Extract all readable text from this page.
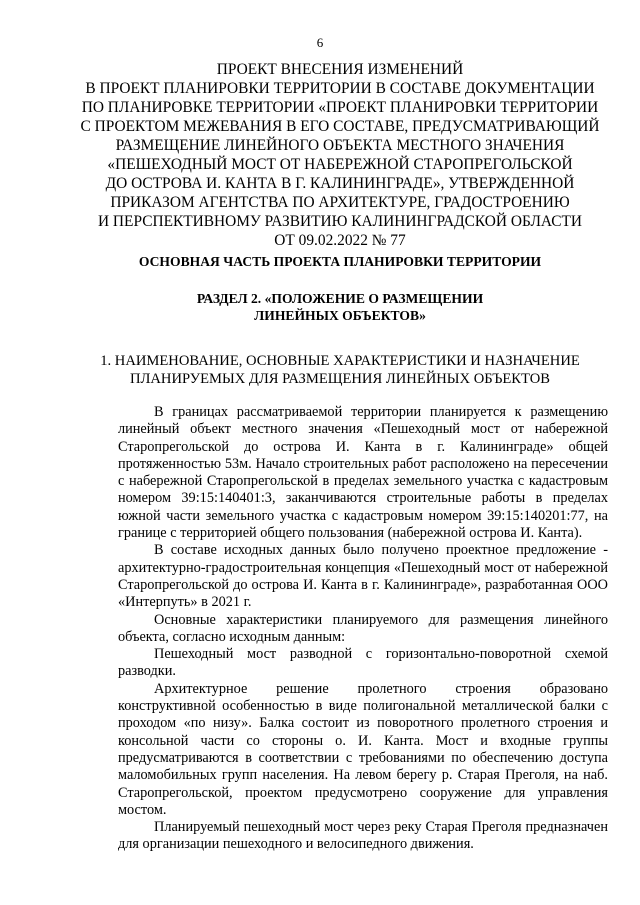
6
ПРОЕКТ ВНЕСЕНИЯ ИЗМЕНЕНИЙ
В ПРОЕКТ ПЛАНИРОВКИ ТЕРРИТОРИИ В СОСТАВЕ ДОКУМЕНТАЦИИ
ПО ПЛАНИРОВКЕ ТЕРРИТОРИИ «ПРОЕКТ ПЛАНИРОВКИ ТЕРРИТОРИИ
С ПРОЕКТОМ МЕЖЕВАНИЯ В ЕГО СОСТАВЕ, ПРЕДУСМАТРИВАЮЩИЙ
РАЗМЕЩЕНИЕ ЛИНЕЙНОГО ОБЪЕКТА МЕСТНОГО ЗНАЧЕНИЯ
«ПЕШЕХОДНЫЙ МОСТ ОТ НАБЕРЕЖНОЙ СТАРОПРЕГОЛЬСКОЙ
ДО ОСТРОВА И. КАНТА В Г. КАЛИНИНГРАДЕ», УТВЕРЖДЕННОЙ
ПРИКАЗОМ АГЕНТСТВА ПО АРХИТЕКТУРЕ, ГРАДОСТРОЕНИЮ
И ПЕРСПЕКТИВНОМУ РАЗВИТИЮ КАЛИНИНГРАДСКОЙ ОБЛАСТИ
ОТ 09.02.2022 № 77
ОСНОВНАЯ ЧАСТЬ ПРОЕКТА ПЛАНИРОВКИ ТЕРРИТОРИИ
РАЗДЕЛ 2. «ПОЛОЖЕНИЕ О РАЗМЕЩЕНИИ
ЛИНЕЙНЫХ ОБЪЕКТОВ»
1. НАИМЕНОВАНИЕ, ОСНОВНЫЕ ХАРАКТЕРИСТИКИ И НАЗНАЧЕНИЕ
ПЛАНИРУЕМЫХ ДЛЯ РАЗМЕЩЕНИЯ ЛИНЕЙНЫХ ОБЪЕКТОВ

В границах рассматриваемой территории планируется к размещению линейный объект местного значения «Пешеходный мост от набережной Старопрегольской до острова И. Канта в г. Калининграде» общей протяженностью 53м. Начало строительных работ расположено на пересечении с набережной Старопрегольской в пределах земельного участка с кадастровым номером 39:15:140401:3, заканчиваются строительные работы в пределах южной части земельного участка с кадастровым номером 39:15:140201:77, на границе с территорией общего пользования (набережной острова И. Канта).

В составе исходных данных было получено проектное предложение - архитектурно-градостроительная концепция «Пешеходный мост от набережной Старопрегольской до острова И. Канта в г. Калининграде», разработанная ООО «Интерпуть» в 2021 г.

Основные характеристики планируемого для размещения линейного объекта, согласно исходным данным:

Пешеходный мост разводной с горизонтально-поворотной схемой разводки.

Архитектурное решение пролетного строения образовано конструктивной особенностью в виде полигональной металлической балки с проходом «по низу». Балка состоит из поворотного пролетного строения и консольной части со стороны о. И. Канта. Мост и входные группы предусматриваются в соответствии с требованиями по обеспечению доступа маломобильных групп населения. На левом берегу р. Старая Преголя, на наб. Старопрегольской, проектом предусмотрено сооружение для управления мостом.

Планируемый пешеходный мост через реку Старая Преголя предназначен для организации пешеходного и велосипедного движения.
